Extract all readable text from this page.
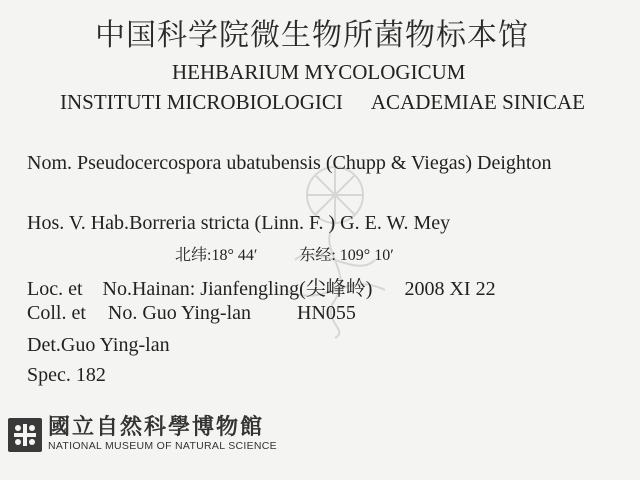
中国科学院微生物所菌物标本馆
HEHBARIUM MYCOLOGICUM
INSTITUTI MICROBIOLOGICI ACADEMIAE SINICAE
Nom. Pseudocercospora ubatubensis (Chupp & Viegas) Deighton
Hos. V. Hab.Borreria stricta (Linn. F. ) G. E. W. Mey
北纬:18° 44′	东经: 109° 10′
Loc. et No.Hainan: Jianfengling(尖峰岭) 2008 XI 22
Coll. et No. Guo Ying-lan HN055
Det.Guo Ying-lan
Spec. 182
國立自然科學博物館
NATIONAL MUSEUM OF NATURAL SCIENCE
